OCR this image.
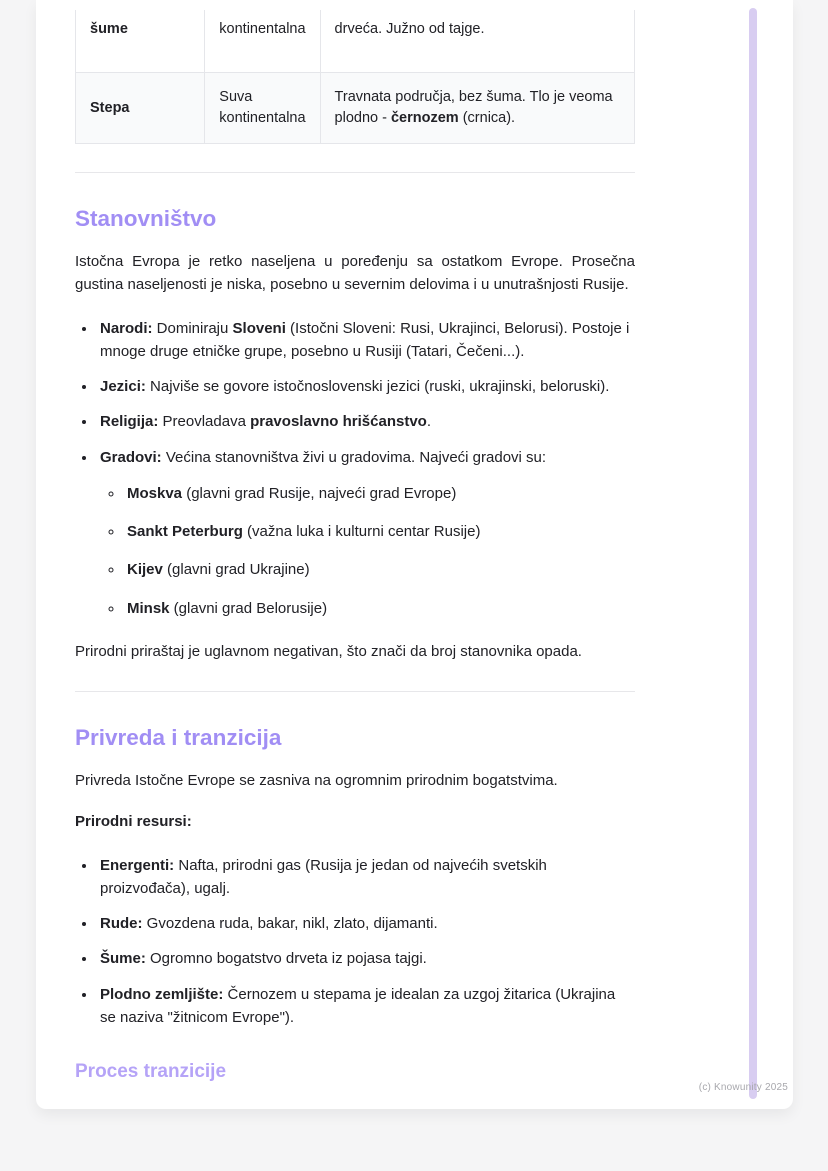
šume	kontinentalna	drveća. Južno od tajge.
Stepa	Suva kontinentalna	Travnata područja, bez šuma. Tlo je veoma plodno - černozem (crnica).
Stanovništvo

Istočna Evropa je retko naseljena u poređenju sa ostatkom Evrope. Prosečna gustina naseljenosti je niska, posebno u severnim delovima i u unutrašnjosti Rusije.

• Narodi: Dominiraju Sloveni (Istočni Sloveni: Rusi, Ukrajinci, Belorusi). Postoje i mnoge druge etničke grupe, posebno u Rusiji (Tatari, Čečeni...).
• Jezici: Najviše se govore istočnoslovenski jezici (ruski, ukrajinski, beloruski).
• Religija: Preovladava pravoslavno hrišćanstvo.
• Gradovi: Većina stanovništva živi u gradovima. Najveći gradovi su:
◦ Moskva (glavni grad Rusije, najveći grad Evrope)
◦ Sankt Peterburg (važna luka i kulturni centar Rusije)
◦ Kijev (glavni grad Ukrajine)
◦ Minsk (glavni grad Belorusije)

Prirodni priraštaj je uglavnom negativan, što znači da broj stanovnika opada.

Privreda i tranzicija

Privreda Istočne Evrope se zasniva na ogromnim prirodnim bogatstvima.

Prirodni resursi:

• Energenti: Nafta, prirodni gas (Rusija je jedan od najvećih svetskih proizvođača), ugalj.
• Rude: Gvozdena ruda, bakar, nikl, zlato, dijamanti.
• Šume: Ogromno bogatstvo drveta iz pojasa tajgi.
• Plodno zemljište: Černozem u stepama je idealan za uzgoj žitarica (Ukrajina se naziva "žitnicom Evrope").
Proces tranzicije
(c) Knowunity 2025
